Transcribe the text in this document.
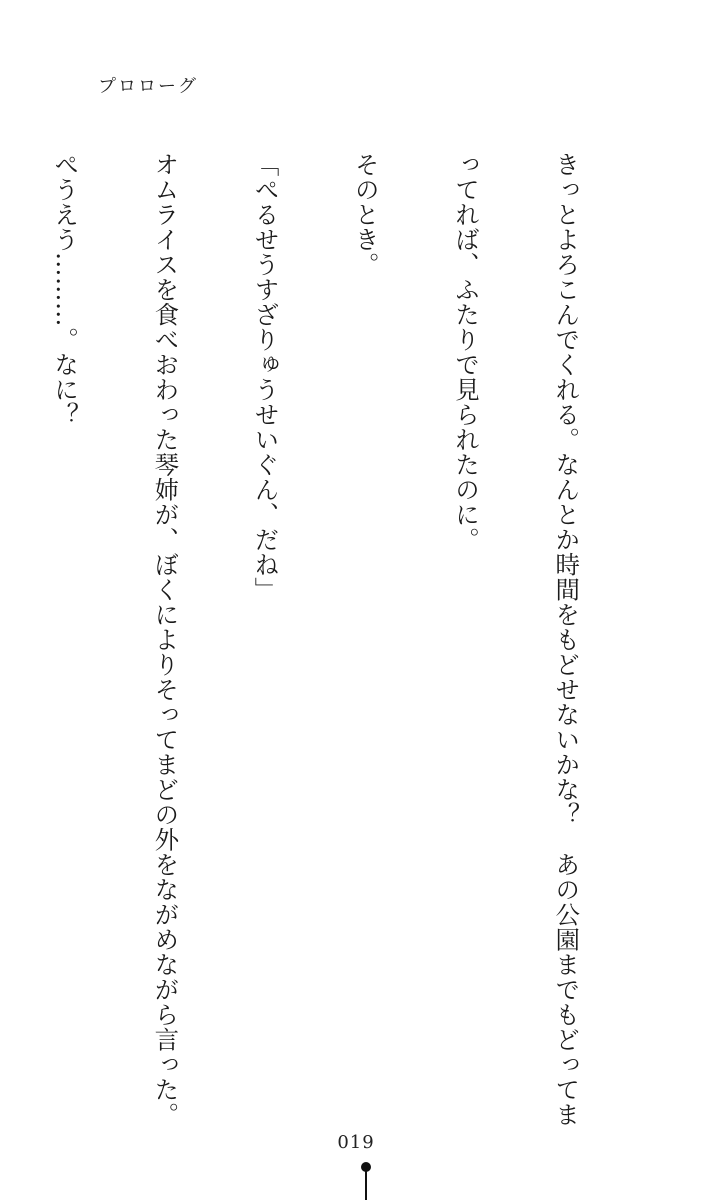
プロローグ

きっとよろこんでくれる。なんとか時間をもどせないかな？　あの公園までもどってま

ってれば、ふたりで見られたのに。

そのとき。

「ぺるせうすざりゅうせいぐん、だね」

オムライスを食べおわった琴姉が、ぼくによりそってまどの外をながめながら言った。

ぺうえう………。なに？

019
